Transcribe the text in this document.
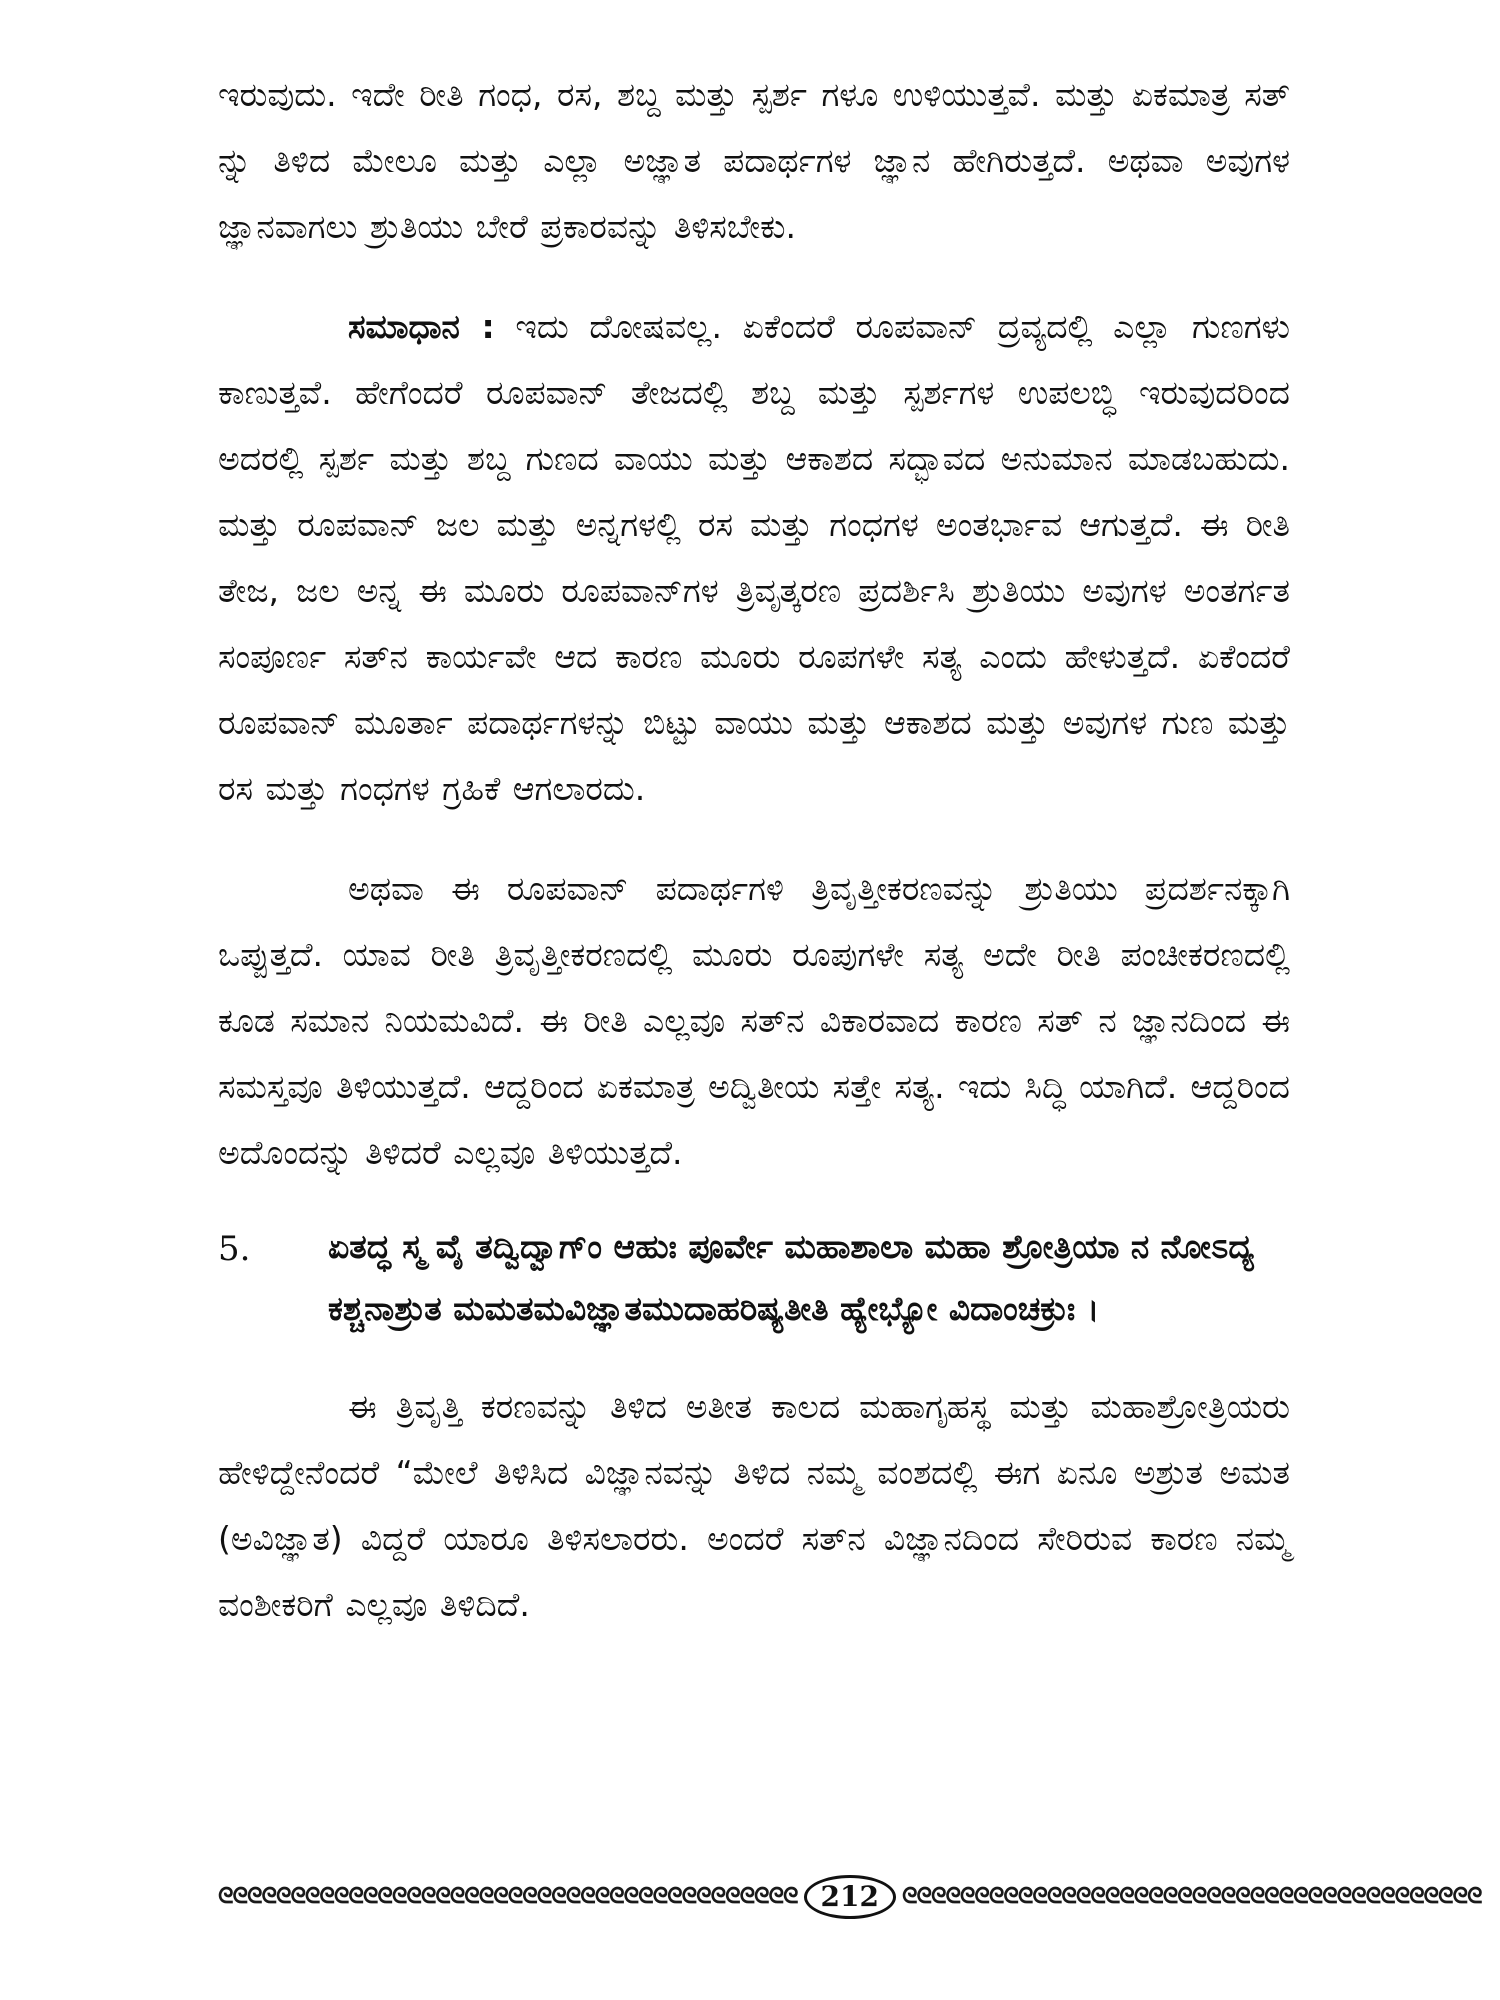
ಇರುವುದು. ಇದೇ ರೀತಿ ಗಂಧ, ರಸ, ಶಬ್ದ ಮತ್ತು ಸ್ಪರ್ಶ ಗಳೂ ಉಳಿಯುತ್ತವೆ. ಮತ್ತು ಏಕಮಾತ್ರ ಸತ್ ನ್ನು ತಿಳಿದ ಮೇಲೂ ಮತ್ತು ಎಲ್ಲಾ ಅಜ್ಞಾತ ಪದಾರ್ಥಗಳ ಜ್ಞಾನ ಹೇಗಿರುತ್ತದೆ. ಅಥವಾ ಅವುಗಳ ಜ್ಞಾನವಾಗಲು ಶ್ರುತಿಯು ಬೇರೆ ಪ್ರಕಾರವನ್ನು ತಿಳಿಸಬೇಕು.

ಸಮಾಧಾನ : ಇದು ದೋಷವಲ್ಲ. ಏಕೆಂದರೆ ರೂಪವಾನ್ ದ್ರವ್ಯದಲ್ಲಿ ಎಲ್ಲಾ ಗುಣಗಳು ಕಾಣುತ್ತವೆ. ಹೇಗೆಂದರೆ ರೂಪವಾನ್ ತೇಜದಲ್ಲಿ ಶಬ್ದ ಮತ್ತು ಸ್ಪರ್ಶಗಳ ಉಪಲಬ್ಧಿ ಇರುವುದರಿಂದ ಅದರಲ್ಲಿ ಸ್ಪರ್ಶ ಮತ್ತು ಶಬ್ದ ಗುಣದ ವಾಯು ಮತ್ತು ಆಕಾಶದ ಸದ್ಭಾವದ ಅನುಮಾನ ಮಾಡಬಹುದು. ಮತ್ತು ರೂಪವಾನ್ ಜಲ ಮತ್ತು ಅನ್ನಗಳಲ್ಲಿ ರಸ ಮತ್ತು ಗಂಧಗಳ ಅಂತರ್ಭಾವ ಆಗುತ್ತದೆ. ಈ ರೀತಿ ತೇಜ, ಜಲ ಅನ್ನ ಈ ಮೂರು ರೂಪವಾನ್‌ಗಳ ತ್ರಿವೃತ್ಕರಣ ಪ್ರದರ್ಶಿಸಿ ಶ್ರುತಿಯು ಅವುಗಳ ಅಂತರ್ಗತ ಸಂಪೂರ್ಣ ಸತ್‌ನ ಕಾರ್ಯವೇ ಆದ ಕಾರಣ ಮೂರು ರೂಪಗಳೇ ಸತ್ಯ ಎಂದು ಹೇಳುತ್ತದೆ. ಏಕೆಂದರೆ ರೂಪವಾನ್ ಮೂರ್ತಾ ಪದಾರ್ಥಗಳನ್ನು ಬಿಟ್ಟು ವಾಯು ಮತ್ತು ಆಕಾಶದ ಮತ್ತು ಅವುಗಳ ಗುಣ ಮತ್ತು ರಸ ಮತ್ತು ಗಂಧಗಳ ಗ್ರಹಿಕೆ ಆಗಲಾರದು.

ಅಥವಾ ಈ ರೂಪವಾನ್ ಪದಾರ್ಥಗಳಿ ತ್ರಿವೃತ್ತೀಕರಣವನ್ನು ಶ್ರುತಿಯು ಪ್ರದರ್ಶನಕ್ಕಾಗಿ ಒಪ್ಪುತ್ತದೆ. ಯಾವ ರೀತಿ ತ್ರಿವೃತ್ತೀಕರಣದಲ್ಲಿ ಮೂರು ರೂಪುಗಳೇ ಸತ್ಯ ಅದೇ ರೀತಿ ಪಂಚೀಕರಣದಲ್ಲಿ ಕೂಡ ಸಮಾನ ನಿಯಮವಿದೆ. ಈ ರೀತಿ ಎಲ್ಲವೂ ಸತ್‌ನ ವಿಕಾರವಾದ ಕಾರಣ ಸತ್ ನ ಜ್ಞಾನದಿಂದ ಈ ಸಮಸ್ತವೂ ತಿಳಿಯುತ್ತದೆ. ಆದ್ದರಿಂದ ಏಕಮಾತ್ರ ಅದ್ವಿತೀಯ ಸತ್ತೇ ಸತ್ಯ. ಇದು ಸಿದ್ಧಿ ಯಾಗಿದೆ. ಆದ್ದರಿಂದ ಅದೊಂದನ್ನು ತಿಳಿದರೆ ಎಲ್ಲವೂ ತಿಳಿಯುತ್ತದೆ.

5. ಏತದ್ಧ ಸ್ಮ ವೈ ತದ್ವಿದ್ವಾಗ್ಂ ಆಹುಃ ಪೂರ್ವೇ ಮಹಾಶಾಲಾ ಮಹಾ ಶ್ರೋತ್ರಿಯಾ ನ ನೋಽದ್ಯ ಕಶ್ಚನಾಶ್ರುತ ಮಮತಮವಿಜ್ಞಾತಮುದಾಹರಿಷ್ಯತೀತಿ ಹ್ಯೇಭ್ಯೋ ವಿದಾಂಚಕ್ರುಃ ।

ಈ ತ್ರಿವೃತ್ತಿ ಕರಣವನ್ನು ತಿಳಿದ ಅತೀತ ಕಾಲದ ಮಹಾಗೃಹಸ್ಥ ಮತ್ತು ಮಹಾಶ್ರೋತ್ರಿಯರು ಹೇಳಿದ್ದೇನೆಂದರೆ “ಮೇಲೆ ತಿಳಿಸಿದ ವಿಜ್ಞಾನವನ್ನು ತಿಳಿದ ನಮ್ಮ ವಂಶದಲ್ಲಿ ಈಗ ಏನೂ ಅಶ್ರುತ ಅಮತ (ಅವಿಜ್ಞಾತ) ವಿದ್ದರೆ ಯಾರೂ ತಿಳಿಸಲಾರರು. ಅಂದರೆ ಸತ್‌ನ ವಿಜ್ಞಾನದಿಂದ ಸೇರಿರುವ ಕಾರಣ ನಮ್ಮ ವಂಶೀಕರಿಗೆ ಎಲ್ಲವೂ ತಿಳಿದಿದೆ.

ᘓᘓᘓᘓᘓᘓᘓᘓᘓᘓᘓᘓᘓᘓᘓᘓᘓᘓᘓᘓᘓᘓᘓᘓᘓᘓᘓᘓᘓᘓᘓᘓᘓᘓᘓᘓᘓᘓᘓᘓ 212	ᘓᘓᘓᘓᘓᘓᘓᘓᘓᘓᘓᘓᘓᘓᘓᘓᘓᘓᘓᘓᘓᘓᘓᘓᘓᘓᘓᘓᘓᘓᘓᘓᘓᘓᘓᘓᘓᘓᘓᘓ
